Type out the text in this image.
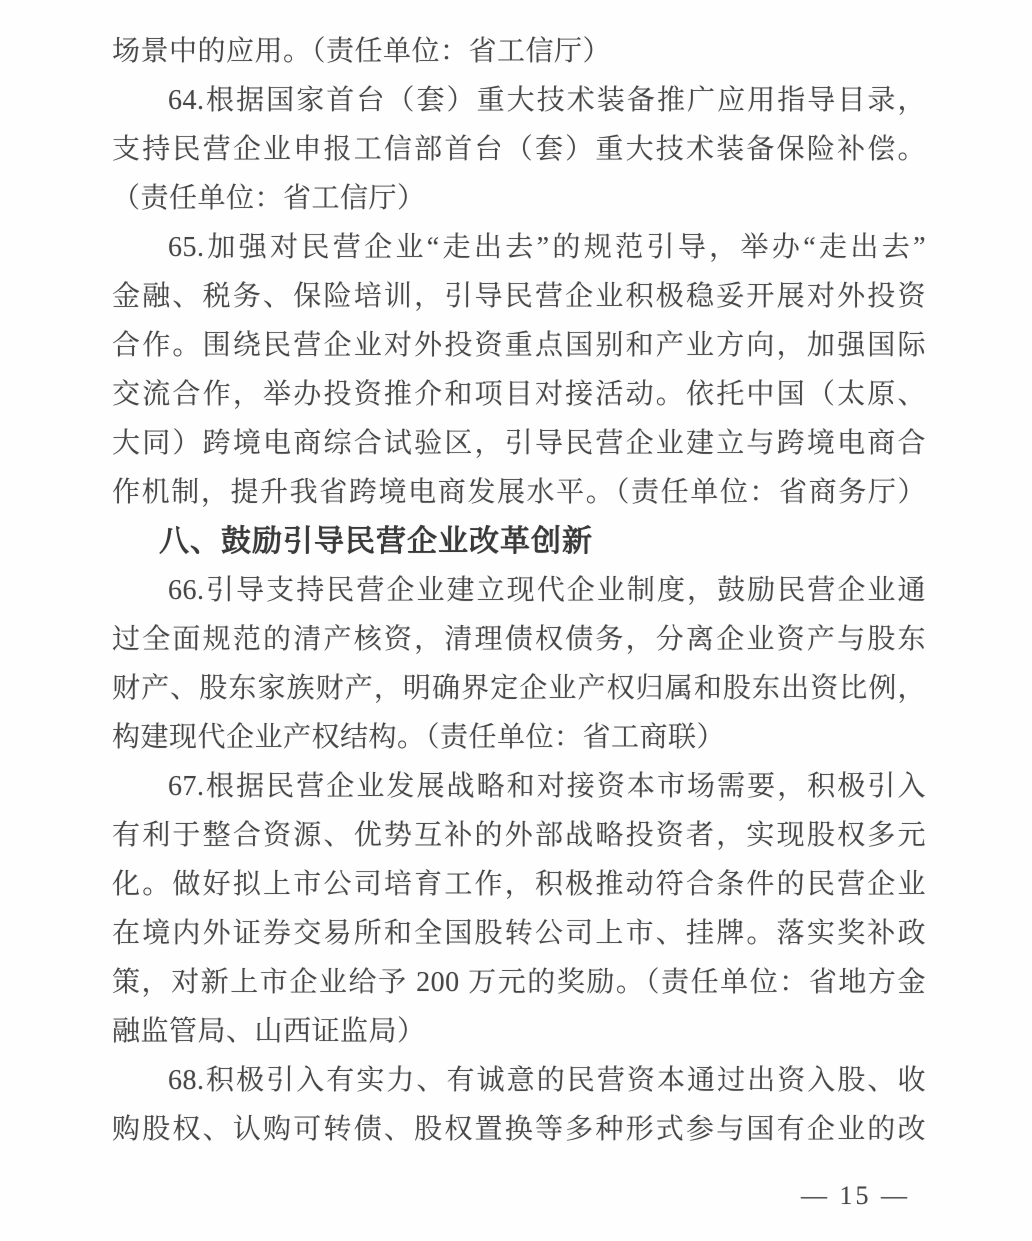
场景中的应用。（责任单位：省工信厅）
64.根据国家首台（套）重大技术装备推广应用指导目录，
支持民营企业申报工信部首台（套）重大技术装备保险补偿。
（责任单位：省工信厅）
65.加强对民营企业“走出去”的规范引导，举办“走出去”
金融、税务、保险培训，引导民营企业积极稳妥开展对外投资
合作。围绕民营企业对外投资重点国别和产业方向，加强国际
交流合作，举办投资推介和项目对接活动。依托中国（太原、
大同）跨境电商综合试验区，引导民营企业建立与跨境电商合
作机制，提升我省跨境电商发展水平。（责任单位：省商务厅）
八、鼓励引导民营企业改革创新
66.引导支持民营企业建立现代企业制度，鼓励民营企业通
过全面规范的清产核资，清理债权债务，分离企业资产与股东
财产、股东家族财产，明确界定企业产权归属和股东出资比例，
构建现代企业产权结构。（责任单位：省工商联）
67.根据民营企业发展战略和对接资本市场需要，积极引入
有利于整合资源、优势互补的外部战略投资者，实现股权多元
化。做好拟上市公司培育工作，积极推动符合条件的民营企业
在境内外证券交易所和全国股转公司上市、挂牌。落实奖补政
策，对新上市企业给予 200 万元的奖励。（责任单位：省地方金
融监管局、山西证监局）
68.积极引入有实力、有诚意的民营资本通过出资入股、收
购股权、认购可转债、股权置换等多种形式参与国有企业的改
— 15 —
